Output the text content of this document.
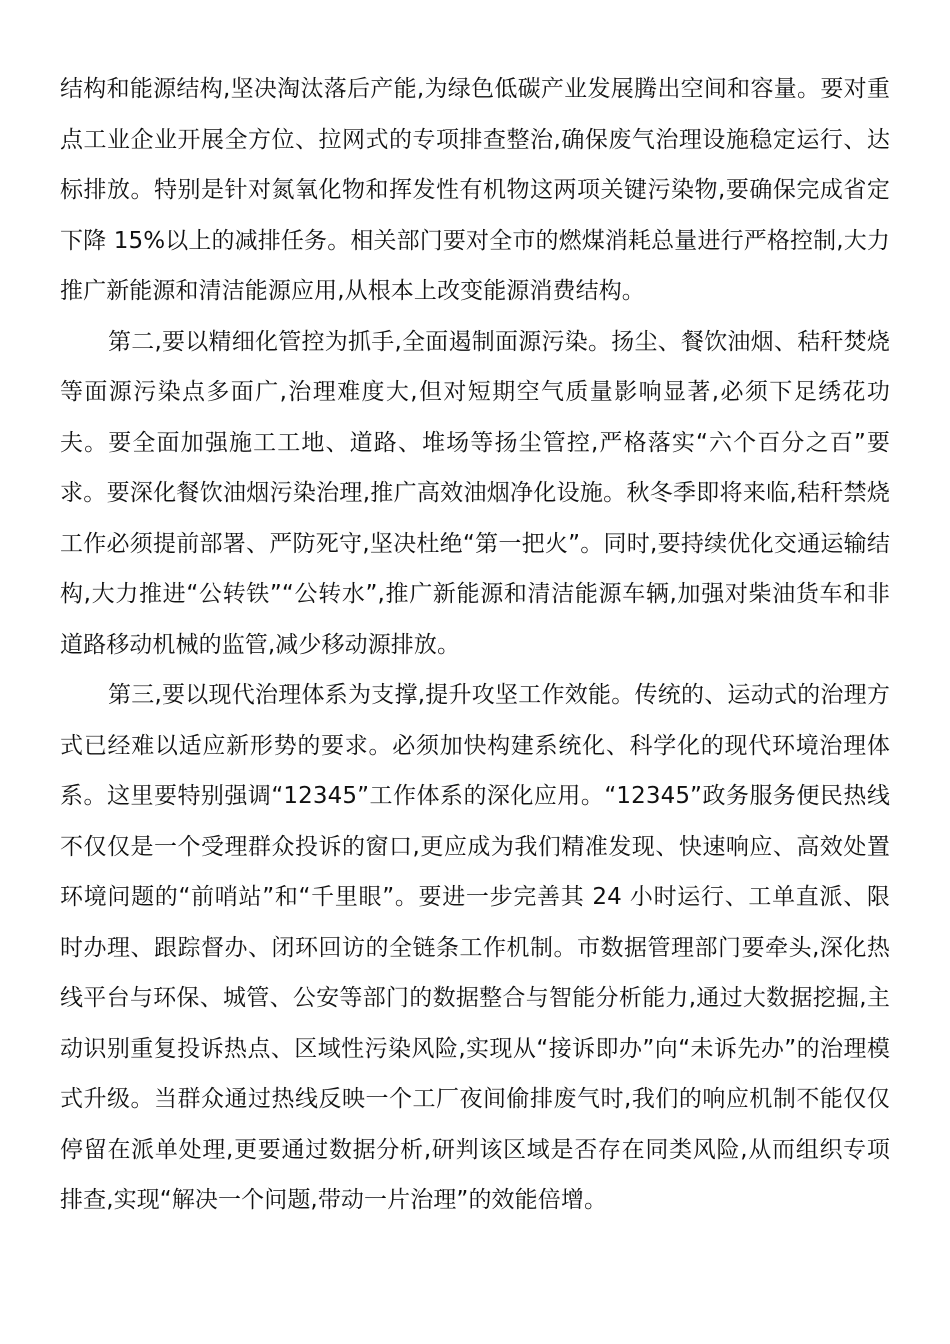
结构和能源结构,坚决淘汰落后产能,为绿色低碳产业发展腾出空间和容量。要对重点工业企业开展全方位、拉网式的专项排查整治,确保废气治理设施稳定运行、达标排放。特别是针对氮氧化物和挥发性有机物这两项关键污染物,要确保完成省定下降 15%以上的减排任务。相关部门要对全市的燃煤消耗总量进行严格控制,大力推广新能源和清洁能源应用,从根本上改变能源消费结构。

第二,要以精细化管控为抓手,全面遏制面源污染。扬尘、餐饮油烟、秸秆焚烧等面源污染点多面广,治理难度大,但对短期空气质量影响显著,必须下足绣花功夫。要全面加强施工工地、道路、堆场等扬尘管控,严格落实“六个百分之百”要求。要深化餐饮油烟污染治理,推广高效油烟净化设施。秋冬季即将来临,秸秆禁烧工作必须提前部署、严防死守,坚决杜绝“第一把火”。同时,要持续优化交通运输结构,大力推进“公转铁”“公转水”,推广新能源和清洁能源车辆,加强对柴油货车和非道路移动机械的监管,减少移动源排放。

第三,要以现代治理体系为支撑,提升攻坚工作效能。传统的、运动式的治理方式已经难以适应新形势的要求。必须加快构建系统化、科学化的现代环境治理体系。这里要特别强调“12345”工作体系的深化应用。“12345”政务服务便民热线不仅仅是一个受理群众投诉的窗口,更应成为我们精准发现、快速响应、高效处置环境问题的“前哨站”和“千里眼”。要进一步完善其 24 小时运行、工单直派、限时办理、跟踪督办、闭环回访的全链条工作机制。市数据管理部门要牵头,深化热线平台与环保、城管、公安等部门的数据整合与智能分析能力,通过大数据挖掘,主动识别重复投诉热点、区域性污染风险,实现从“接诉即办”向“未诉先办”的治理模式升级。当群众通过热线反映一个工厂夜间偷排废气时,我们的响应机制不能仅仅停留在派单处理,更要通过数据分析,研判该区域是否存在同类风险,从而组织专项排查,实现“解决一个问题,带动一片治理”的效能倍增。
